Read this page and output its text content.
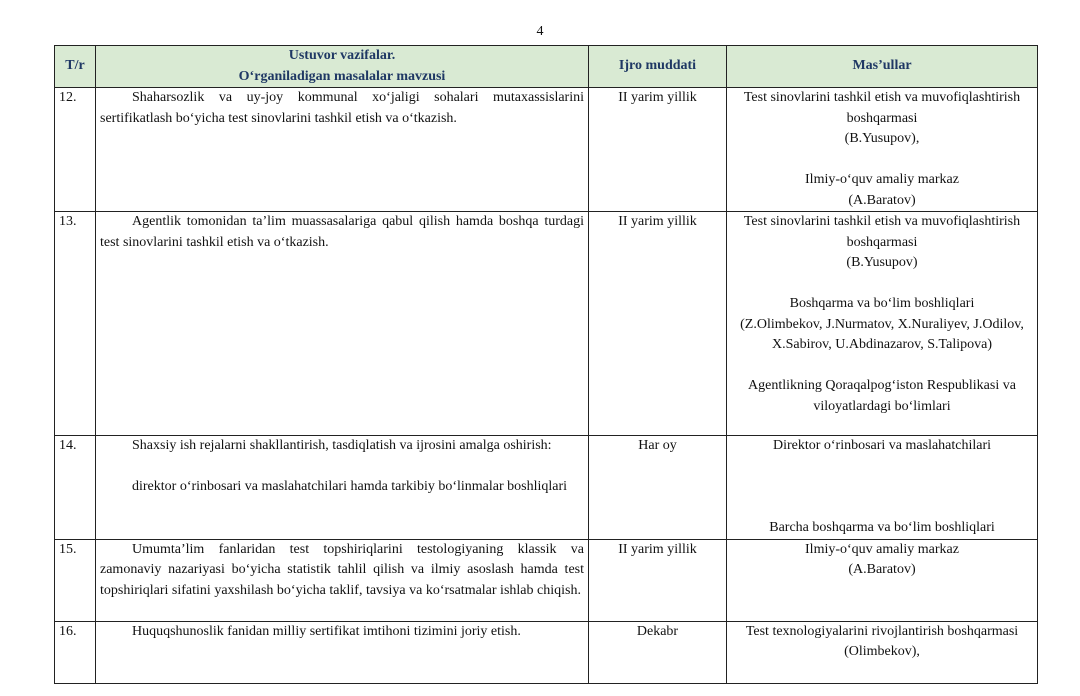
4
T/r	Ustuvor vazifalar.
O‘rganiladigan masalalar mavzusi	Ijro muddati	Mas’ullar
12.	Shaharsozlik va uy-joy kommunal xo‘jaligi sohalari mutaxassislarini sertifikatlash bo‘yicha test sinovlarini tashkil etish va o‘tkazish.	II yarim yillik	Test sinovlarini tashkil etish va muvofiqlashtirish boshqarmasi
(B.Yusupov),
Ilmiy-o‘quv amaliy markaz
(A.Baratov)

13.	Agentlik tomonidan ta’lim muassasalariga qabul qilish hamda boshqa turdagi test sinovlarini tashkil etish va o‘tkazish.	II yarim yillik	Test sinovlarini tashkil etish va muvofiqlashtirish boshqarmasi
(B.Yusupov)
Boshqarma va bo‘lim boshliqlari
(Z.Olimbekov, J.Nurmatov, X.Nuraliyev, J.Odilov, X.Sabirov, U.Abdinazarov, S.Talipova)
Agentlikning Qoraqalpog‘iston Respublikasi va viloyatlardagi bo‘limlari

14.	Shaxsiy ish rejalarni shakllantirish, tasdiqlatish va ijrosini amalga oshirish:
direktor o‘rinbosari va maslahatchilari hamda tarkibiy bo‘linmalar boshliqlari	Har oy	Direktor o‘rinbosari va maslahatchilari
Barcha boshqarma va bo‘lim boshliqlari

15.	Umumta’lim fanlaridan test topshiriqlarini testologiyaning klassik va zamonaviy nazariyasi bo‘yicha statistik tahlil qilish va ilmiy asoslash hamda test topshiriqlari sifatini yaxshilash bo‘yicha taklif, tavsiya va ko‘rsatmalar ishlab chiqish.	II yarim yillik	Ilmiy-o‘quv amaliy markaz
(A.Baratov)

16.	Huquqshunoslik fanidan milliy sertifikat imtihoni tizimini joriy etish.	Dekabr	Test texnologiyalarini rivojlantirish boshqarmasi
(Olimbekov),
